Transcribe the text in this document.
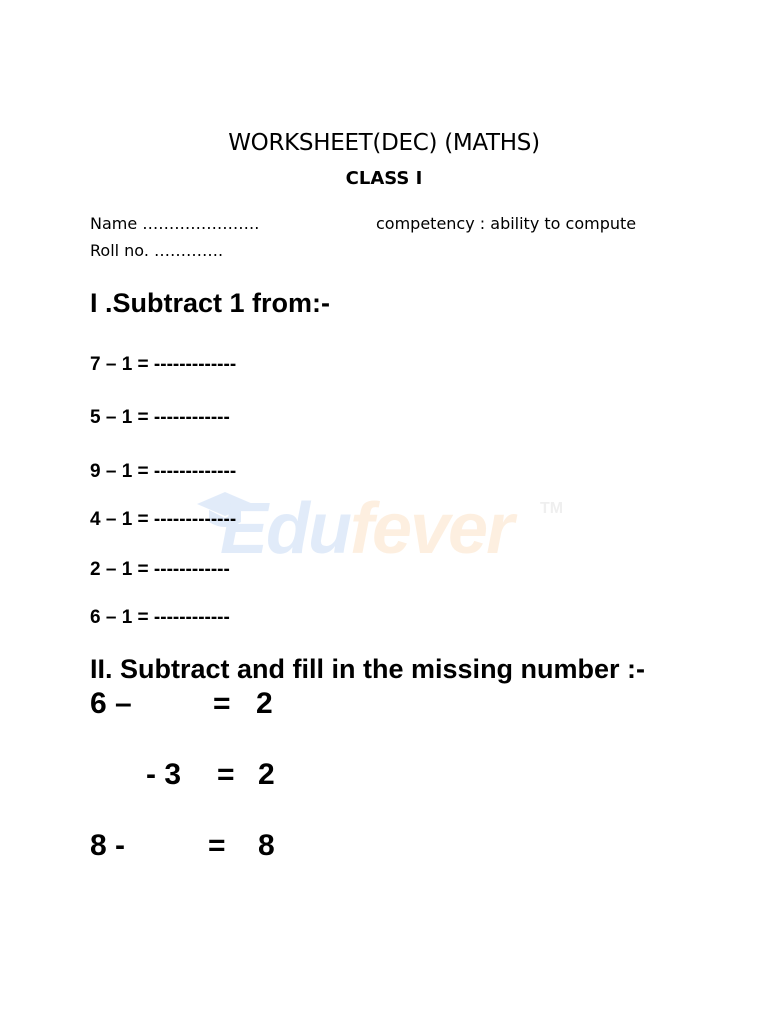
Edufever TM
WORKSHEET(DEC) (MATHS)
CLASS I
Name ………………….
Roll no. ………….
competency : ability to compute
I .Subtract 1 from:-
7 – 1 = -------------
5 – 1 = ------------
9 – 1 = -------------
4 – 1 = -------------
2 – 1 = ------------
6 – 1 = ------------
II. Subtract and fill in the missing number :-
6 –	= 2
- 3 = 2
8 -	= 8
